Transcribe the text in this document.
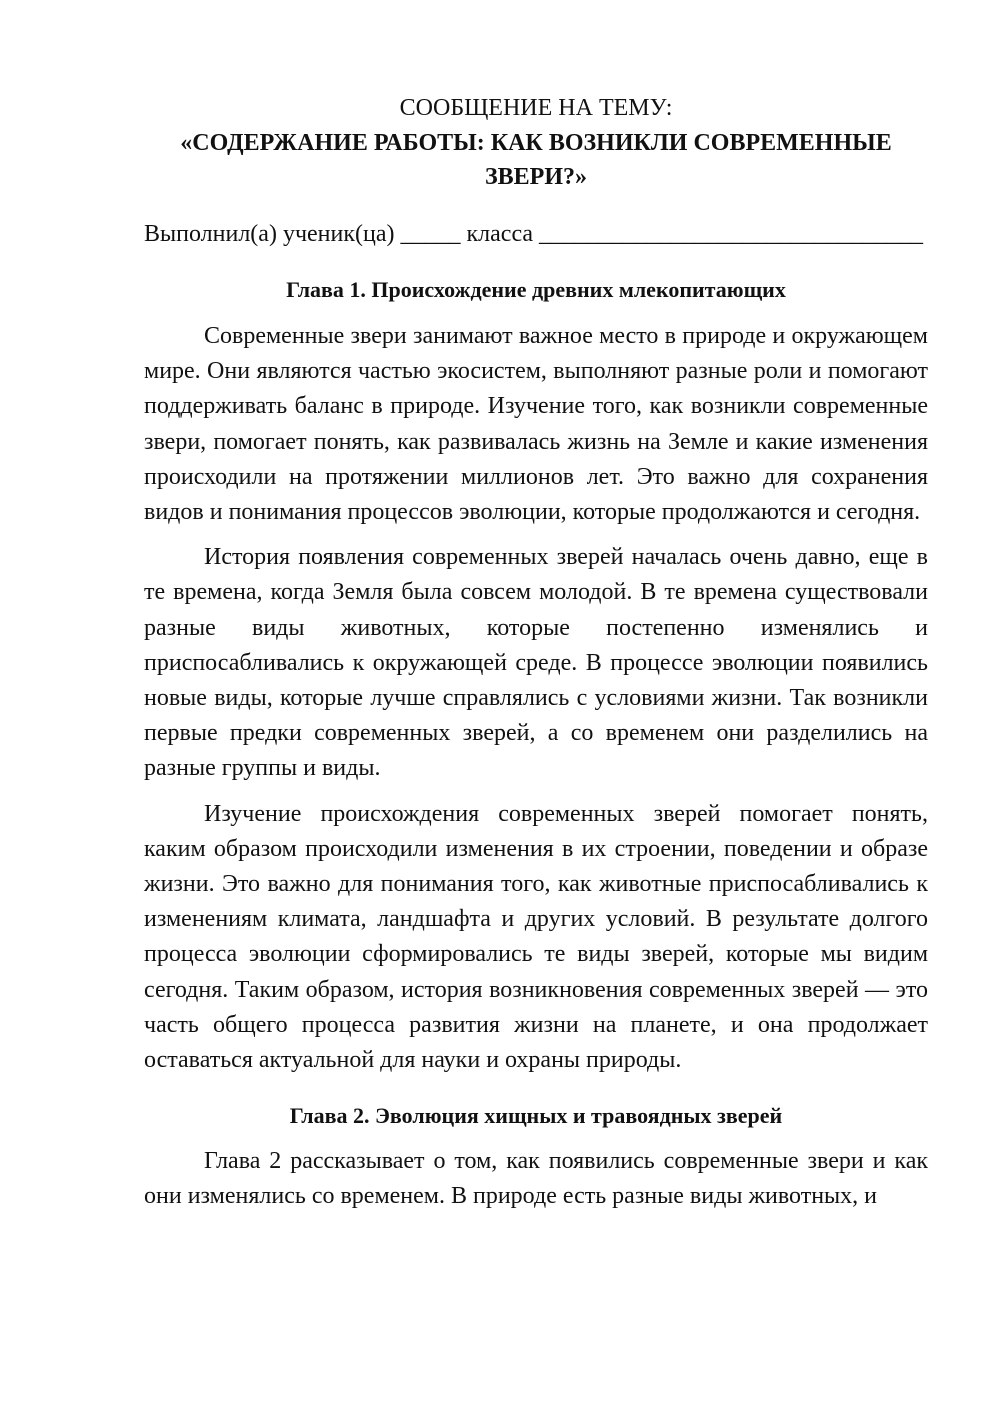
СООБЩЕНИЕ НА ТЕМУ:

«СОДЕРЖАНИЕ РАБОТЫ: КАК ВОЗНИКЛИ СОВРЕМЕННЫЕ ЗВЕРИ?»

Выполнил(а) ученик(ца) _____ класса ________________________________
Глава 1. Происхождение древних млекопитающих

Современные звери занимают важное место в природе и окружающем мире. Они являются частью экосистем, выполняют разные роли и помогают поддерживать баланс в природе. Изучение того, как возникли современные звери, помогает понять, как развивалась жизнь на Земле и какие изменения происходили на протяжении миллионов лет. Это важно для сохранения видов и понимания процессов эволюции, которые продолжаются и сегодня.

История появления современных зверей началась очень давно, еще в те времена, когда Земля была совсем молодой. В те времена существовали разные виды животных, которые постепенно изменялись и приспосабливались к окружающей среде. В процессе эволюции появились новые виды, которые лучше справлялись с условиями жизни. Так возникли первые предки современных зверей, а со временем они разделились на разные группы и виды.

Изучение происхождения современных зверей помогает понять, каким образом происходили изменения в их строении, поведении и образе жизни. Это важно для понимания того, как животные приспосабливались к изменениям климата, ландшафта и других условий. В результате долгого процесса эволюции сформировались те виды зверей, которые мы видим сегодня. Таким образом, история возникновения современных зверей — это часть общего процесса развития жизни на планете, и она продолжает оставаться актуальной для науки и охраны природы.

Глава 2. Эволюция хищных и травоядных зверей

Глава 2 рассказывает о том, как появились современные звери и как они изменялись со временем. В природе есть разные виды животных, и
